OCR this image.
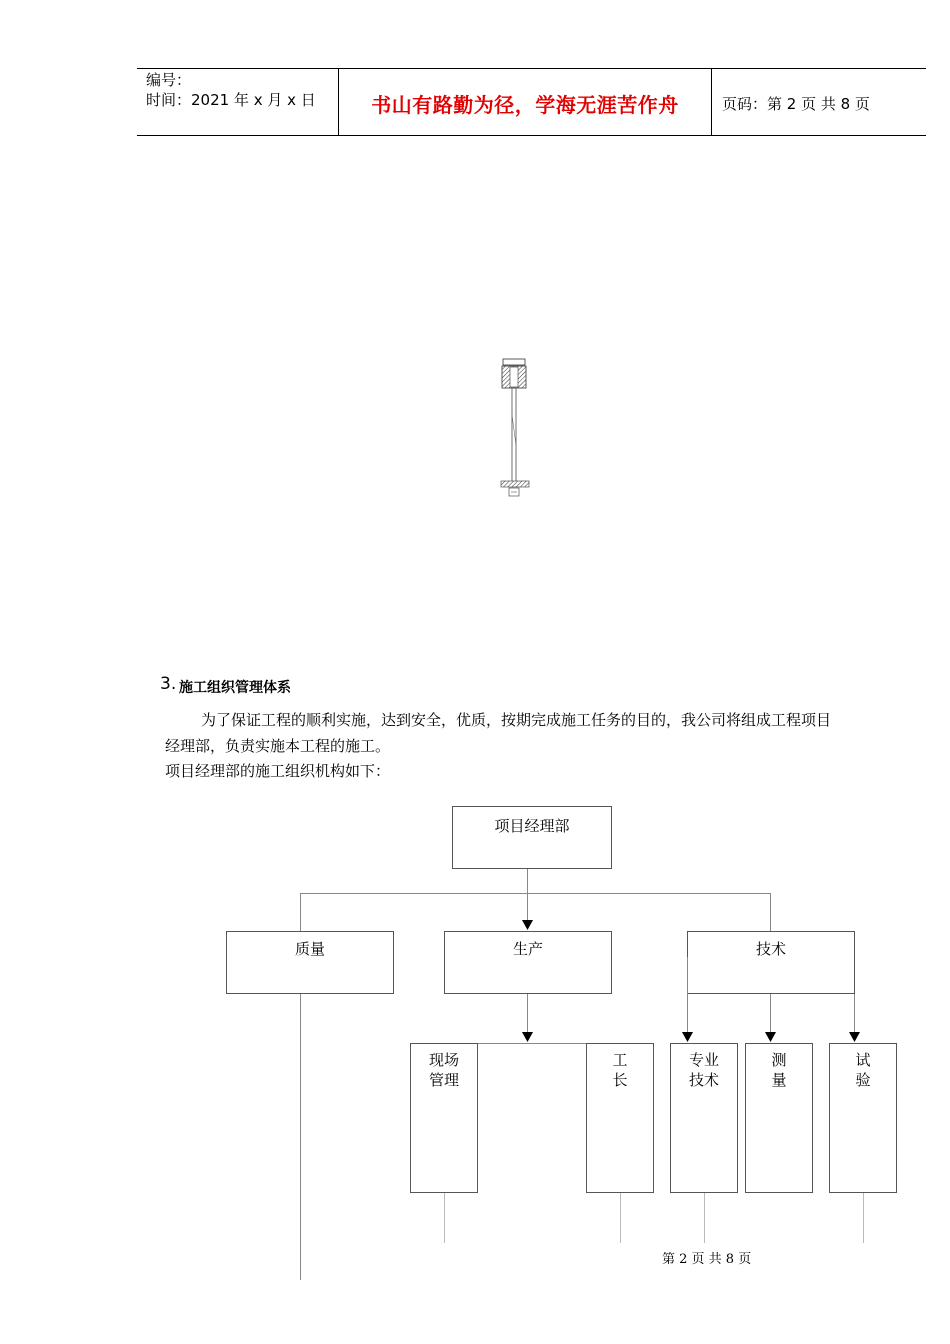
编号：
时间：2021 年 x 月 x 日	书山有路勤为径，学海无涯苦作舟	页码：第 2 页 共 8 页
3. 施工组织管理体系
为了保证工程的顺利实施，达到安全，优质，按期完成施工任务的目的，我公司将组成工程项目
经理部，负责实施本工程的施工。
项目经理部的施工组织机构如下：
项目经理部
质量	生产	技术
现场
管理
工
长
专业
技术
测
量
试
验
第 2 页 共 8 页
